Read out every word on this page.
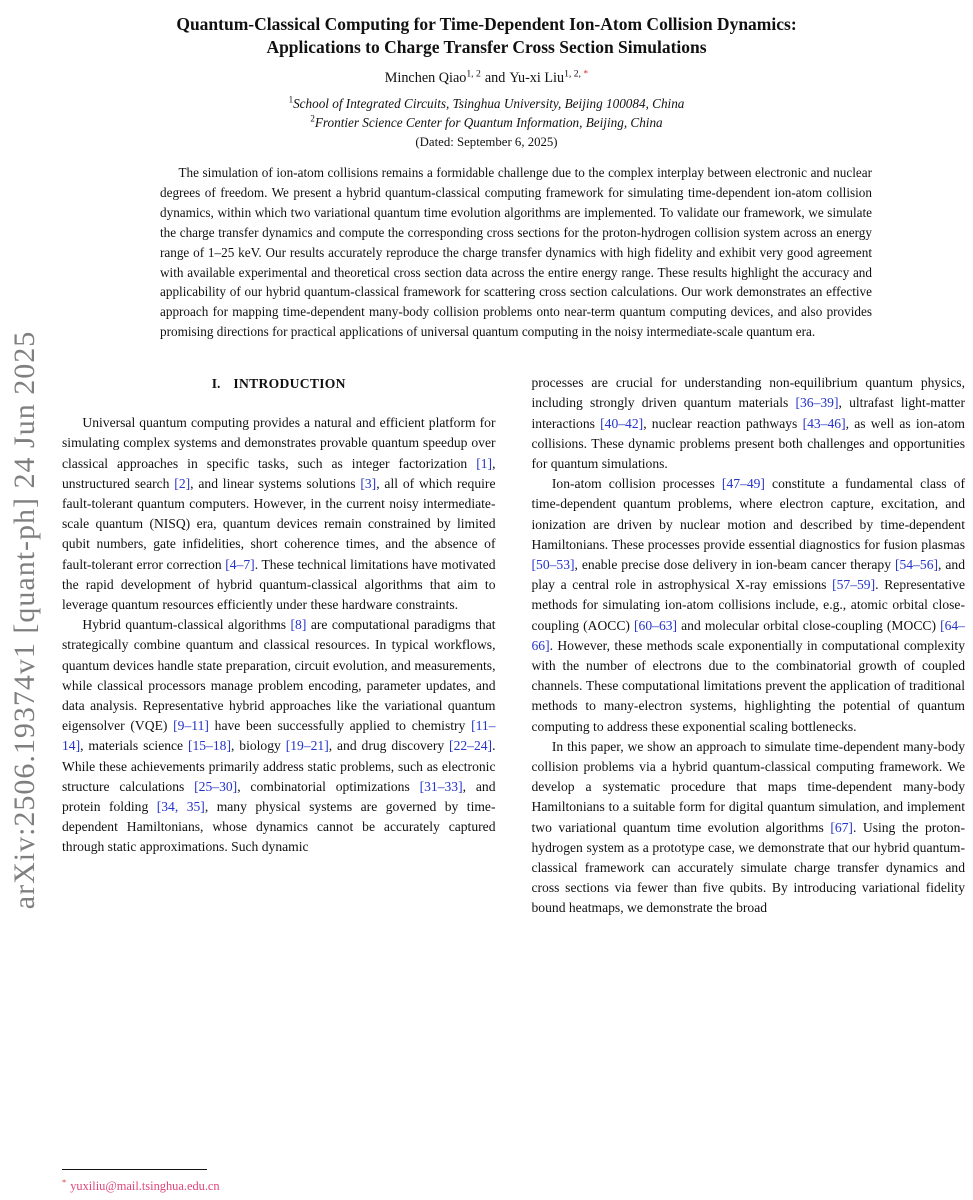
arXiv:2506.19374v1 [quant-ph] 24 Jun 2025
Quantum-Classical Computing for Time-Dependent Ion-Atom Collision Dynamics:
Applications to Charge Transfer Cross Section Simulations
Minchen Qiao$^{1, 2}$ and Yu-xi Liu$^{1, 2, *}$
$^1$School of Integrated Circuits, Tsinghua University, Beijing 100084, China
$^2$Frontier Science Center for Quantum Information, Beijing, China
(Dated: September 6, 2025)
The simulation of ion-atom collisions remains a formidable challenge due to the complex interplay between electronic and nuclear degrees of freedom. We present a hybrid quantum-classical computing framework for simulating time-dependent ion-atom collision dynamics, within which two variational quantum time evolution algorithms are implemented. To validate our framework, we simulate the charge transfer dynamics and compute the corresponding cross sections for the proton-hydrogen collision system across an energy range of 1–25 keV. Our results accurately reproduce the charge transfer dynamics with high fidelity and exhibit very good agreement with available experimental and theoretical cross section data across the entire energy range. These results highlight the accuracy and applicability of our hybrid quantum-classical framework for scattering cross section calculations. Our work demonstrates an effective approach for mapping time-dependent many-body collision problems onto near-term quantum computing devices, and also provides promising directions for practical applications of universal quantum computing in the noisy intermediate-scale quantum era.
I. INTRODUCTION

Universal quantum computing provides a natural and efficient platform for simulating complex systems and demonstrates provable quantum speedup over classical approaches in specific tasks, such as integer factorization [1], unstructured search [2], and linear systems solutions [3], all of which require fault-tolerant quantum computers. However, in the current noisy intermediate-scale quantum (NISQ) era, quantum devices remain constrained by limited qubit numbers, gate infidelities, short coherence times, and the absence of fault-tolerant error correction [4–7]. These technical limitations have motivated the rapid development of hybrid quantum-classical algorithms that aim to leverage quantum resources efficiently under these hardware constraints.

Hybrid quantum-classical algorithms [8] are computational paradigms that strategically combine quantum and classical resources. In typical workflows, quantum devices handle state preparation, circuit evolution, and measurements, while classical processors manage problem encoding, parameter updates, and data analysis. Representative hybrid approaches like the variational quantum eigensolver (VQE) [9–11] have been successfully applied to chemistry [11–14], materials science [15–18], biology [19–21], and drug discovery [22–24]. While these achievements primarily address static problems, such as electronic structure calculations [25–30], combinatorial optimizations [31–33], and protein folding [34, 35], many physical systems are governed by time-dependent Hamiltonians, whose dynamics cannot be accurately captured through static approximations. Such dynamic

processes are crucial for understanding non-equilibrium quantum physics, including strongly driven quantum materials [36–39], ultrafast light-matter interactions [40–42], nuclear reaction pathways [43–46], as well as ion-atom collisions. These dynamic problems present both challenges and opportunities for quantum simulations.

Ion-atom collision processes [47–49] constitute a fundamental class of time-dependent quantum problems, where electron capture, excitation, and ionization are driven by nuclear motion and described by time-dependent Hamiltonians. These processes provide essential diagnostics for fusion plasmas [50–53], enable precise dose delivery in ion-beam cancer therapy [54–56], and play a central role in astrophysical X-ray emissions [57–59]. Representative methods for simulating ion-atom collisions include, e.g., atomic orbital close-coupling (AOCC) [60–63] and molecular orbital close-coupling (MOCC) [64–66]. However, these methods scale exponentially in computational complexity with the number of electrons due to the combinatorial growth of coupled channels. These computational limitations prevent the application of traditional methods to many-electron systems, highlighting the potential of quantum computing to address these exponential scaling bottlenecks.

In this paper, we show an approach to simulate time-dependent many-body collision problems via a hybrid quantum-classical computing framework. We develop a systematic procedure that maps time-dependent many-body Hamiltonians to a suitable form for digital quantum simulation, and implement two variational quantum time evolution algorithms [67]. Using the proton-hydrogen system as a prototype case, we demonstrate that our hybrid quantum-classical framework can accurately simulate charge transfer dynamics and cross sections via fewer than five qubits. By introducing variational fidelity bound heatmaps, we demonstrate the broad

* yuxiliu@mail.tsinghua.edu.cn
